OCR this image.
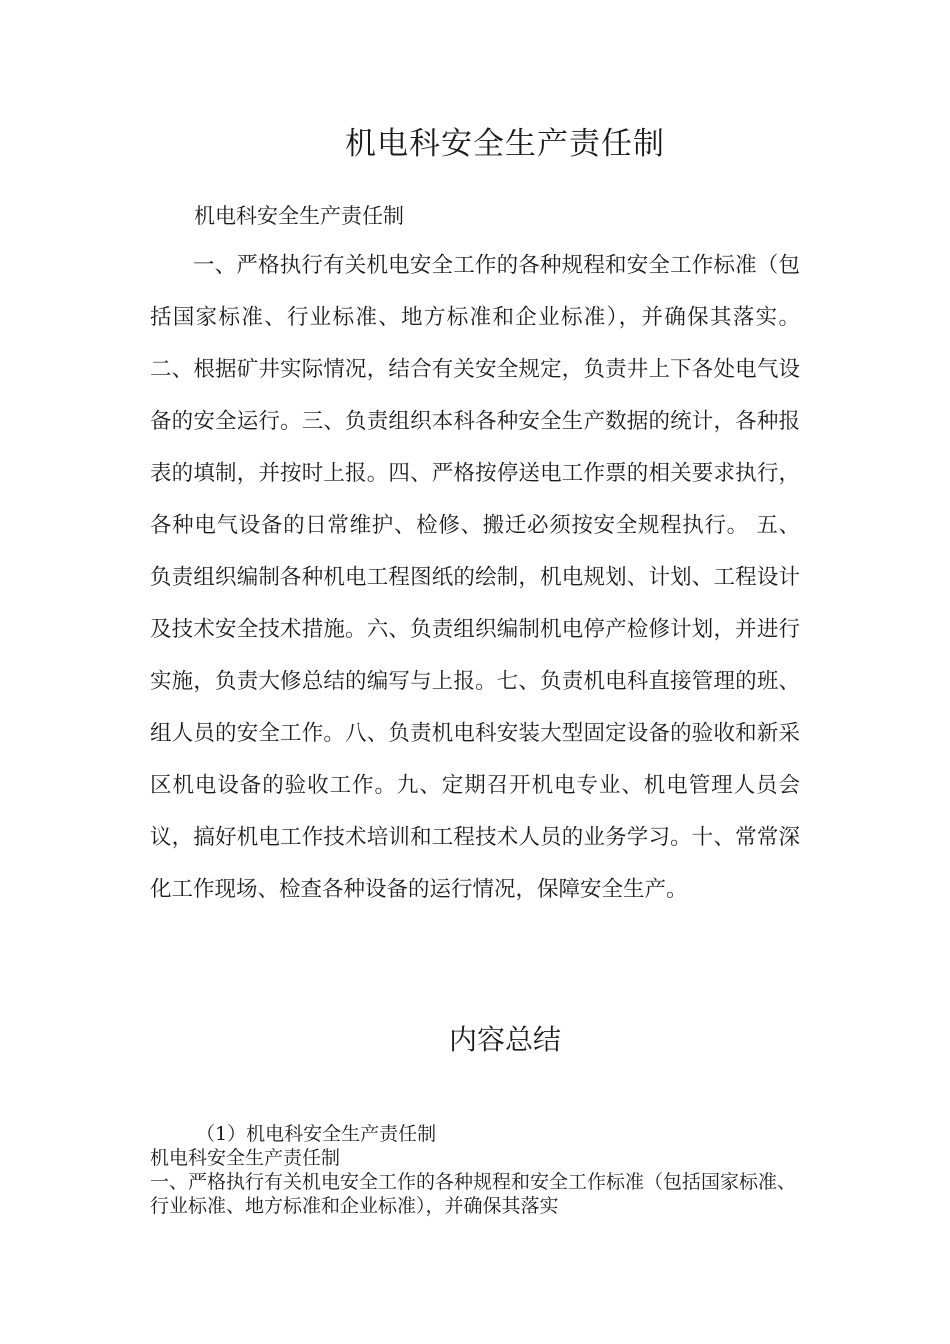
机电科安全生产责任制

机电科安全生产责任制

一、严格执行有关机电安全工作的各种规程和安全工作标准（包括国家标准、行业标准、地方标准和企业标准），并确保其落实。二、根据矿井实际情况，结合有关安全规定，负责井上下各处电气设备的安全运行。三、负责组织本科各种安全生产数据的统计，各种报表的填制，并按时上报。四、严格按停送电工作票的相关要求执行，各种电气设备的日常维护、检修、搬迁必须按安全规程执行。 五、负责组织编制各种机电工程图纸的绘制，机电规划、计划、工程设计及技术安全技术措施。六、负责组织编制机电停产检修计划，并进行实施，负责大修总结的编写与上报。七、负责机电科直接管理的班、组人员的安全工作。八、负责机电科安装大型固定设备的验收和新采区机电设备的验收工作。九、定期召开机电专业、机电管理人员会议，搞好机电工作技术培训和工程技术人员的业务学习。十、常常深化工作现场、检查各种设备的运行情况，保障安全生产。

内容总结

（1）机电科安全生产责任制

机电科安全生产责任制

一、严格执行有关机电安全工作的各种规程和安全工作标准（包括国家标准、行业标准、地方标准和企业标准），并确保其落实
